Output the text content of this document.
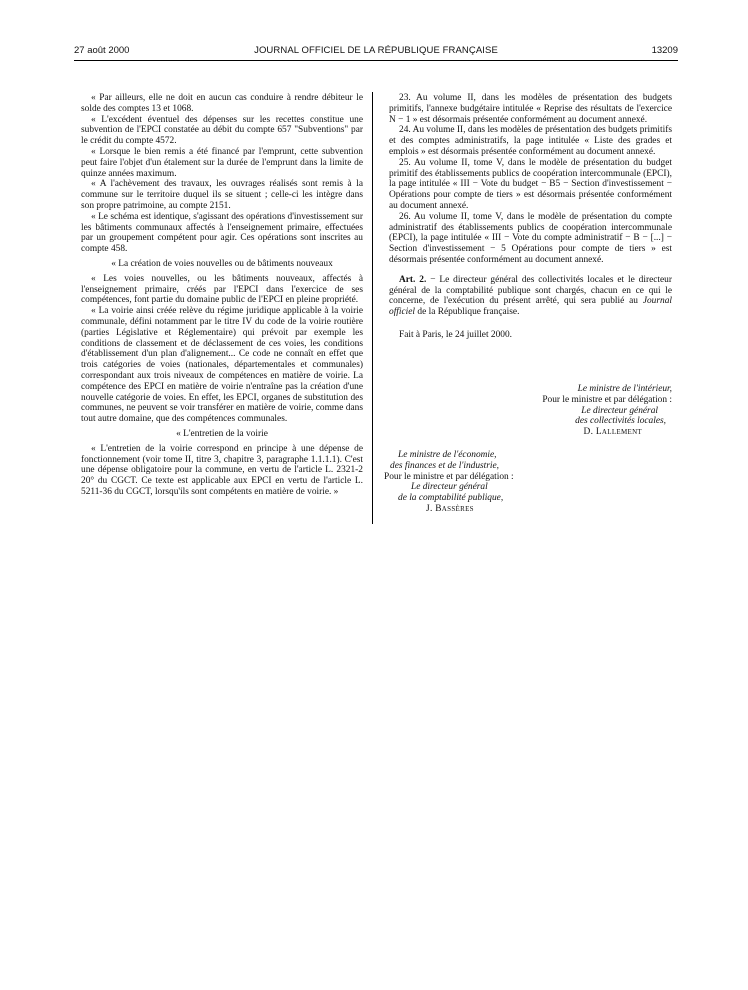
27 août 2000	JOURNAL OFFICIEL DE LA RÉPUBLIQUE FRANÇAISE	13209

« Par ailleurs, elle ne doit en aucun cas conduire à rendre débiteur le solde des comptes 13 et 1068.

« L'excédent éventuel des dépenses sur les recettes constitue une subvention de l'EPCI constatée au débit du compte 657 "Subventions" par le crédit du compte 4572.

« Lorsque le bien remis a été financé par l'emprunt, cette subvention peut faire l'objet d'un étalement sur la durée de l'emprunt dans la limite de quinze années maximum.

« A l'achèvement des travaux, les ouvrages réalisés sont remis à la commune sur le territoire duquel ils se situent ; celle-ci les intègre dans son propre patrimoine, au compte 2151.

« Le schéma est identique, s'agissant des opérations d'investissement sur les bâtiments communaux affectés à l'enseignement primaire, effectuées par un groupement compétent pour agir. Ces opérations sont inscrites au compte 458.

« La création de voies nouvelles ou de bâtiments nouveaux

« Les voies nouvelles, ou les bâtiments nouveaux, affectés à l'enseignement primaire, créés par l'EPCI dans l'exercice de ses compétences, font partie du domaine public de l'EPCI en pleine propriété.

« La voirie ainsi créée relève du régime juridique applicable à la voirie communale, défini notamment par le titre IV du code de la voirie routière (parties Législative et Réglementaire) qui prévoit par exemple les conditions de classement et de déclassement de ces voies, les conditions d'établissement d'un plan d'alignement... Ce code ne connaît en effet que trois catégories de voies (nationales, départementales et communales) correspondant aux trois niveaux de compétences en matière de voirie. La compétence des EPCI en matière de voirie n'entraîne pas la création d'une nouvelle catégorie de voies. En effet, les EPCI, organes de substitution des communes, ne peuvent se voir transférer en matière de voirie, comme dans tout autre domaine, que des compétences communales.

« L'entretien de la voirie

« L'entretien de la voirie correspond en principe à une dépense de fonctionnement (voir tome II, titre 3, chapitre 3, paragraphe 1.1.1.1). C'est une dépense obligatoire pour la commune, en vertu de l'article L. 2321-2 20° du CGCT. Ce texte est applicable aux EPCI en vertu de l'article L. 5211-36 du CGCT, lorsqu'ils sont compétents en matière de voirie. »

23. Au volume II, dans les modèles de présentation des budgets primitifs, l'annexe budgétaire intitulée « Reprise des résultats de l'exercice N − 1 » est désormais présentée conformément au document annexé.

24. Au volume II, dans les modèles de présentation des budgets primitifs et des comptes administratifs, la page intitulée « Liste des grades et emplois » est désormais présentée conformément au document annexé.

25. Au volume II, tome V, dans le modèle de présentation du budget primitif des établissements publics de coopération intercommunale (EPCI), la page intitulée « III − Vote du budget − B5 − Section d'investissement − Opérations pour compte de tiers » est désormais présentée conformément au document annexé.

26. Au volume II, tome V, dans le modèle de présentation du compte administratif des établissements publics de coopération intercommunale (EPCI), la page intitulée « III − Vote du compte administratif − B − [...] − Section d'investissement − 5 Opérations pour compte de tiers » est désormais présentée conformément au document annexé.

Art. 2. − Le directeur général des collectivités locales et le directeur général de la comptabilité publique sont chargés, chacun en ce qui le concerne, de l'exécution du présent arrêté, qui sera publié au Journal officiel de la République française.

Fait à Paris, le 24 juillet 2000.

Le ministre de l'intérieur,
Pour le ministre et par délégation :
Le directeur général
des collectivités locales,
D. Lallement
Le ministre de l'économie,
des finances et de l'industrie,
Pour le ministre et par délégation :
Le directeur général
de la comptabilité publique,
J. Bassères
